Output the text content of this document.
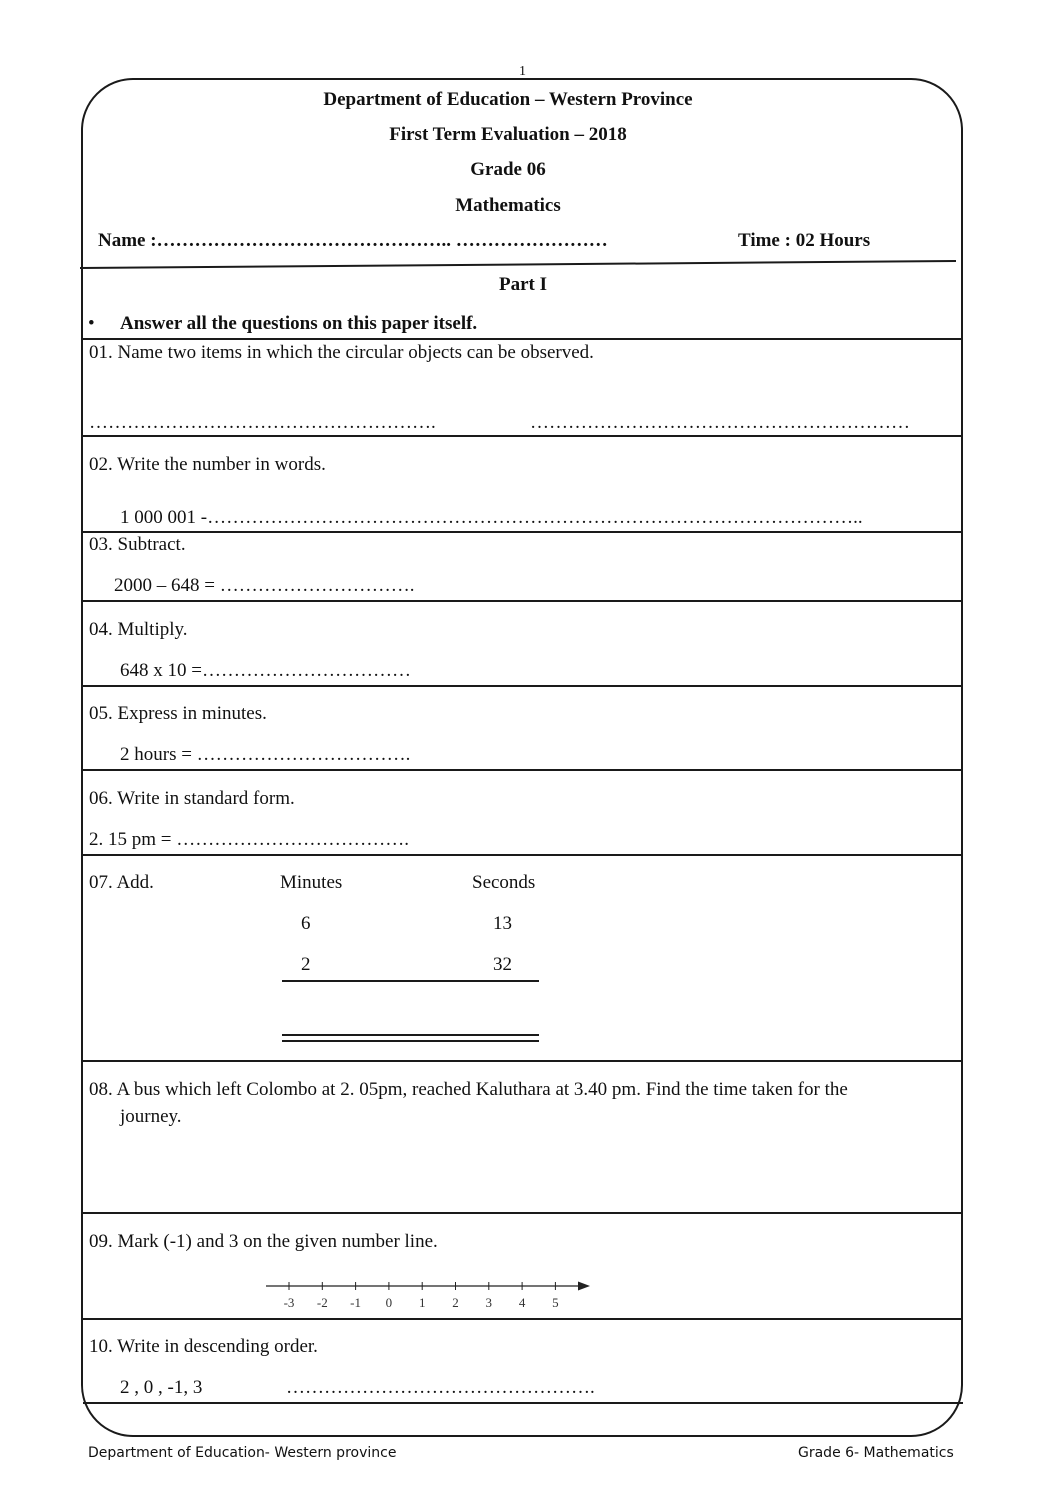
1
Department of Education – Western Province
First Term Evaluation – 2018
Grade 06
Mathematics
Name :……………………………………….. ……………………	Time : 02 Hours
Part I
• Answer all the questions on this paper itself.
01. Name two items in which the circular objects can be observed.
……………………………………………….	……………………………………………………
02. Write the number in words.
1 000 001 -…………………………………………………………………………………………..
03. Subtract.
2000 – 648 = ………………………….
04. Multiply.
648 x 10 =……………………………
05. Express in minutes.
2 hours = …………………………….
06. Write in standard form.
2. 15 pm = ……………………………….
07. Add.	Minutes	Seconds
6	13
2	32
08. A bus which left Colombo at 2. 05pm, reached Kaluthara at 3.40 pm. Find the time taken for the
journey.
09. Mark (-1) and 3 on the given number line.
-3 -2 -1 0 1 2 3 4 5
10. Write in descending order.
2 , 0 , -1, 3	………………………………………….
Department of Education- Western province	Grade 6- Mathematics
